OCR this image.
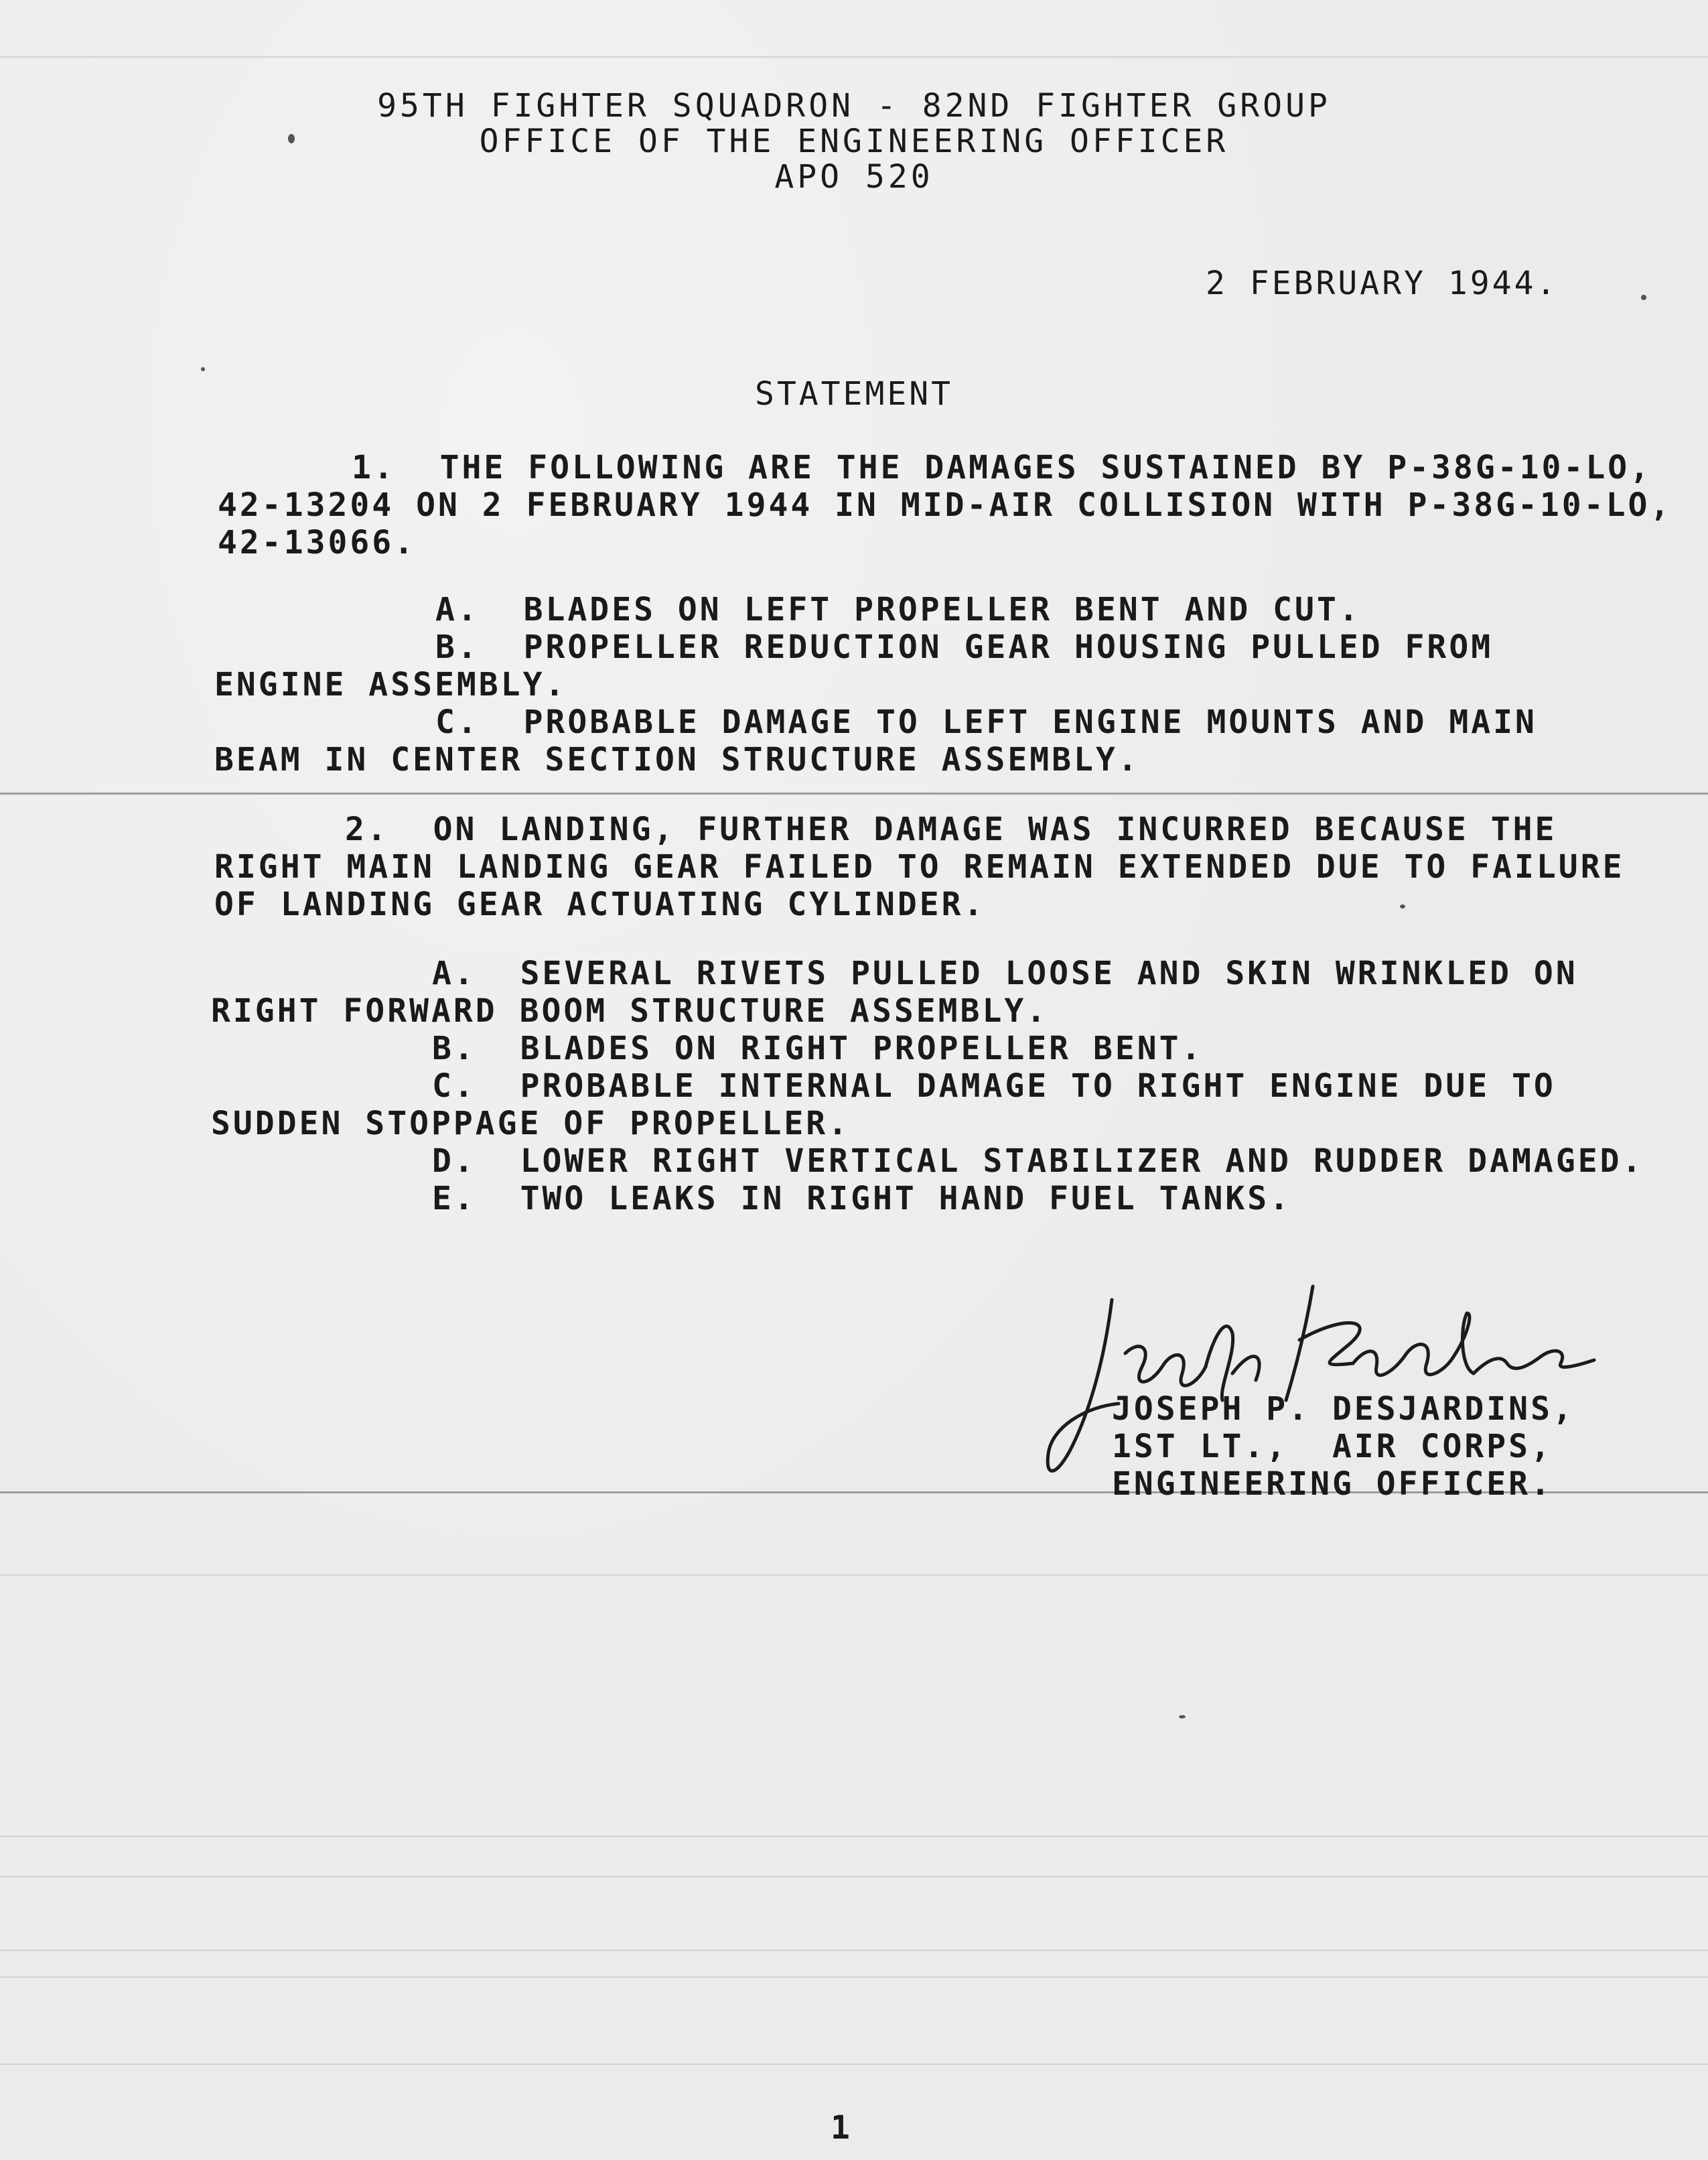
95TH FIGHTER SQUADRON - 82ND FIGHTER GROUP
OFFICE OF THE ENGINEERING OFFICER
APO 520
2 FEBRUARY 1944.
STATEMENT
1.  THE FOLLOWING ARE THE DAMAGES SUSTAINED BY P-38G-10-LO,
42-13204 ON 2 FEBRUARY 1944 IN MID-AIR COLLISION WITH P-38G-10-LO,
42-13066.
A.  BLADES ON LEFT PROPELLER BENT AND CUT.
B.  PROPELLER REDUCTION GEAR HOUSING PULLED FROM
ENGINE ASSEMBLY.
C.  PROBABLE DAMAGE TO LEFT ENGINE MOUNTS AND MAIN
BEAM IN CENTER SECTION STRUCTURE ASSEMBLY.
2.  ON LANDING, FURTHER DAMAGE WAS INCURRED BECAUSE THE
RIGHT MAIN LANDING GEAR FAILED TO REMAIN EXTENDED DUE TO FAILURE
OF LANDING GEAR ACTUATING CYLINDER.
A.  SEVERAL RIVETS PULLED LOOSE AND SKIN WRINKLED ON
RIGHT FORWARD BOOM STRUCTURE ASSEMBLY.
B.  BLADES ON RIGHT PROPELLER BENT.
C.  PROBABLE INTERNAL DAMAGE TO RIGHT ENGINE DUE TO
SUDDEN STOPPAGE OF PROPELLER.
D.  LOWER RIGHT VERTICAL STABILIZER AND RUDDER DAMAGED.
E.  TWO LEAKS IN RIGHT HAND FUEL TANKS.
JOSEPH P. DESJARDINS,
1ST LT.,  AIR CORPS,
ENGINEERING OFFICER.
1
